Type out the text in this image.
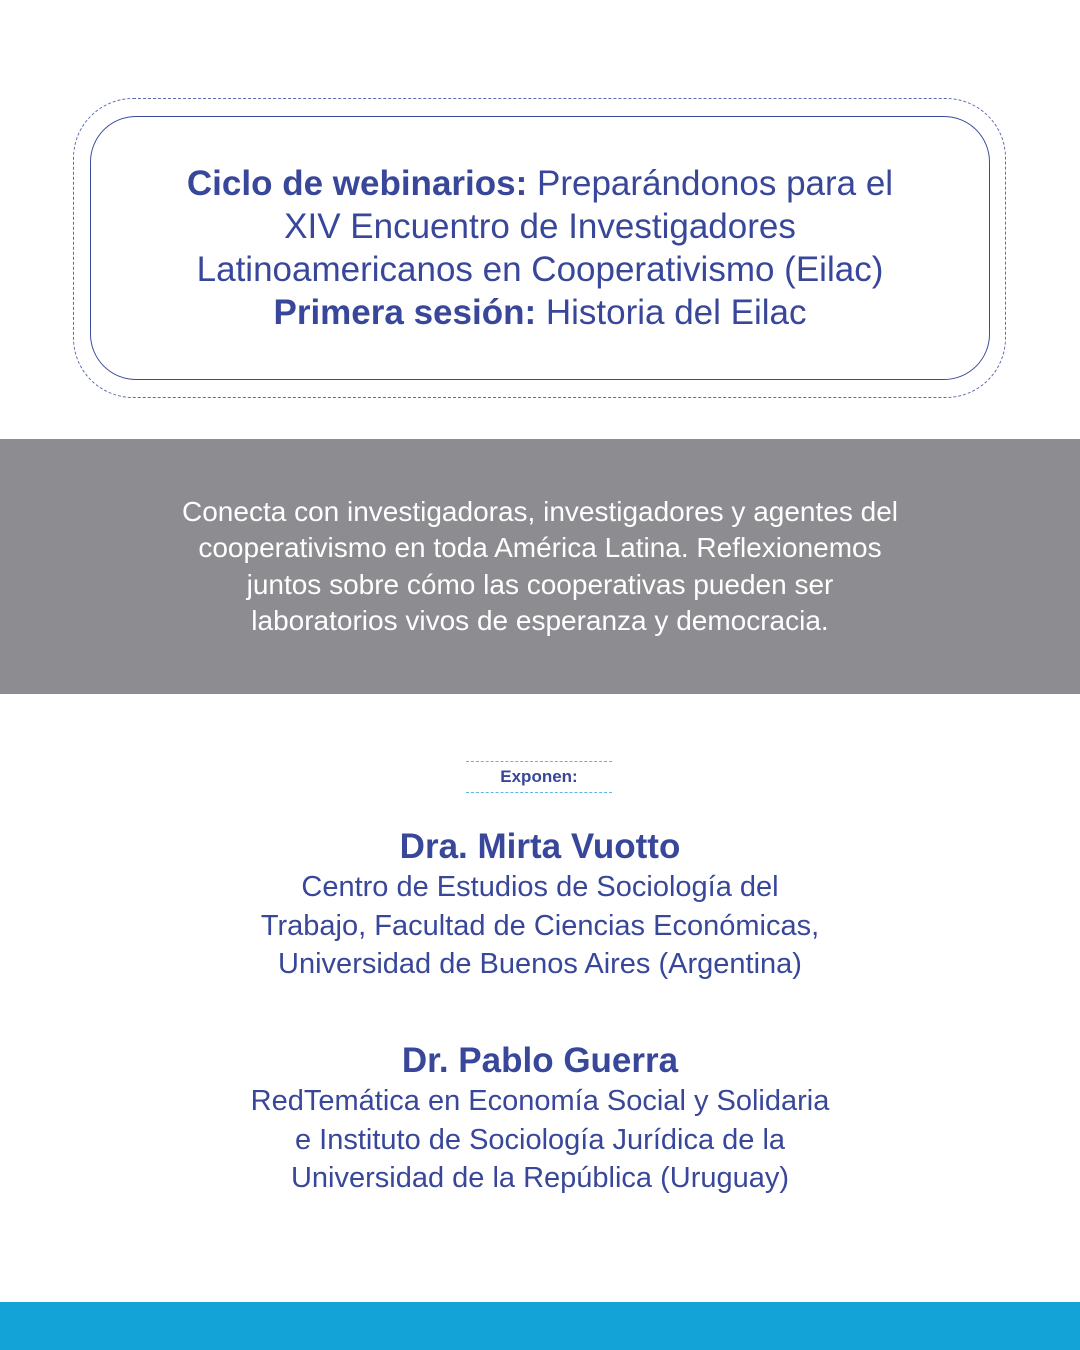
Ciclo de webinarios: Preparándonos para el

XIV Encuentro de Investigadores

Latinoamericanos en Cooperativismo (Eilac)

Primera sesión: Historia del Eilac

Conecta con investigadoras, investigadores y agentes del cooperativismo en toda América Latina. Reflexionemos juntos sobre cómo las cooperativas pueden ser laboratorios vivos de esperanza y democracia.

Exponen:

Dra. Mirta Vuotto

Centro de Estudios de Sociología del
Trabajo, Facultad de Ciencias Económicas,
Universidad de Buenos Aires (Argentina)

Dr. Pablo Guerra

RedTemática en Economía Social y Solidaria
e Instituto de Sociología Jurídica de la
Universidad de la República (Uruguay)
